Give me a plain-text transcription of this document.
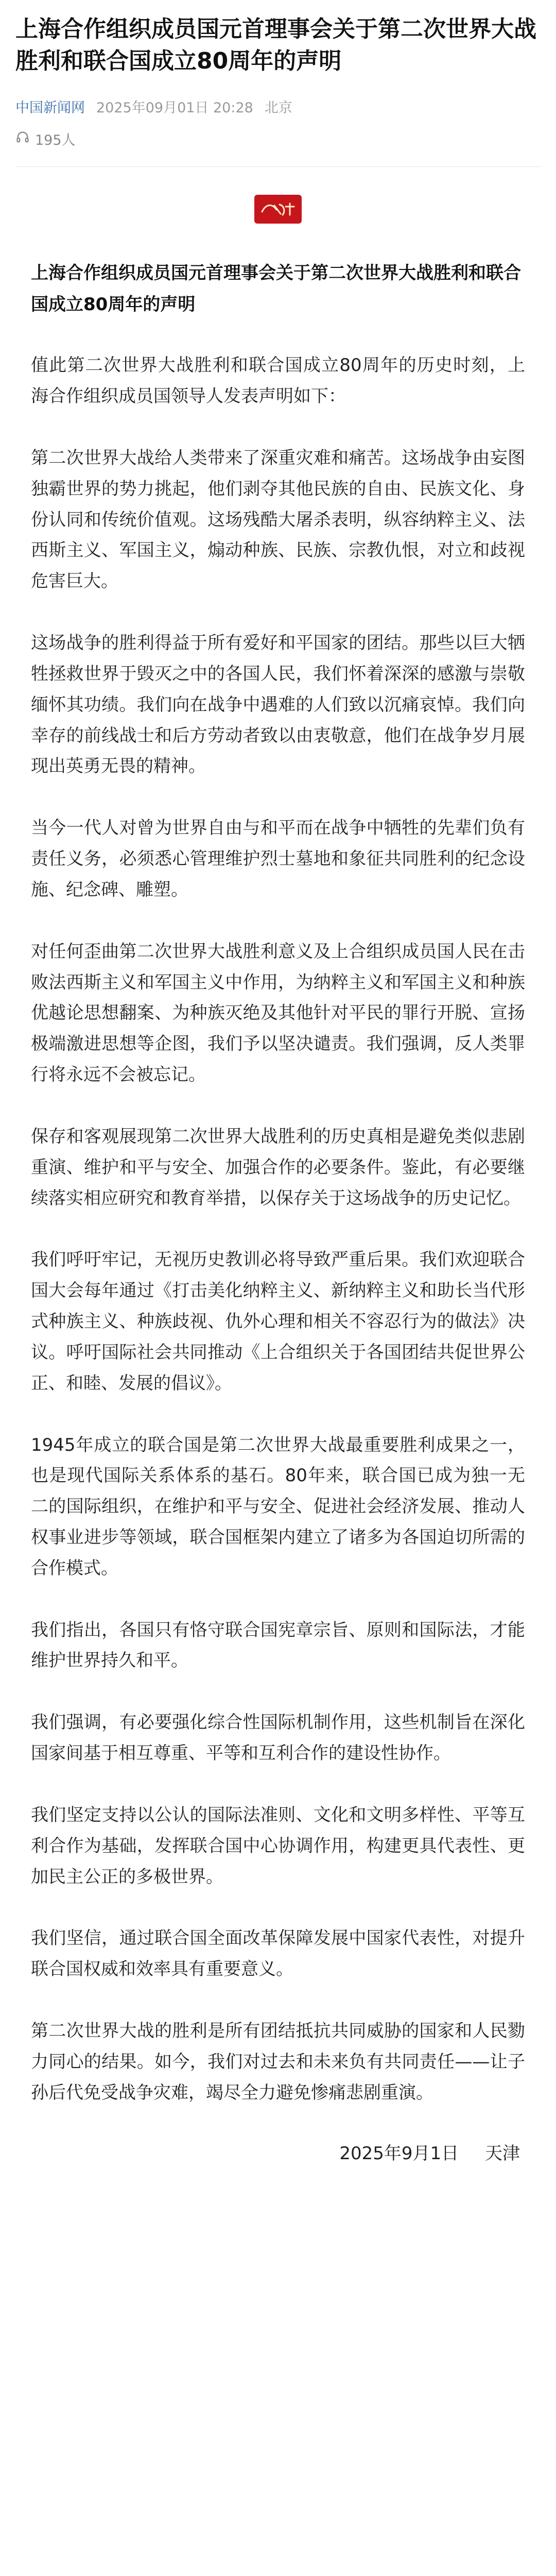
上海合作组织成员国元首理事会关于第二次世界大战胜利和联合国成立80周年的声明
中国新闻网 2025年09月01日 20:28 北京
195人
上海合作组织成员国元首理事会关于第二次世界大战胜利和联合国成立80周年的声明

值此第二次世界大战胜利和联合国成立80周年的历史时刻，上海合作组织成员国领导人发表声明如下：

第二次世界大战给人类带来了深重灾难和痛苦。这场战争由妄图独霸世界的势力挑起，他们剥夺其他民族的自由、民族文化、身份认同和传统价值观。这场残酷大屠杀表明，纵容纳粹主义、法西斯主义、军国主义，煽动种族、民族、宗教仇恨，对立和歧视危害巨大。

这场战争的胜利得益于所有爱好和平国家的团结。那些以巨大牺牲拯救世界于毁灭之中的各国人民，我们怀着深深的感激与崇敬缅怀其功绩。我们向在战争中遇难的人们致以沉痛哀悼。我们向幸存的前线战士和后方劳动者致以由衷敬意，他们在战争岁月展现出英勇无畏的精神。

当今一代人对曾为世界自由与和平而在战争中牺牲的先辈们负有责任义务，必须悉心管理维护烈士墓地和象征共同胜利的纪念设施、纪念碑、雕塑。

对任何歪曲第二次世界大战胜利意义及上合组织成员国人民在击败法西斯主义和军国主义中作用，为纳粹主义和军国主义和种族优越论思想翻案、为种族灭绝及其他针对平民的罪行开脱、宣扬极端激进思想等企图，我们予以坚决谴责。我们强调，反人类罪行将永远不会被忘记。

保存和客观展现第二次世界大战胜利的历史真相是避免类似悲剧重演、维护和平与安全、加强合作的必要条件。鉴此，有必要继续落实相应研究和教育举措，以保存关于这场战争的历史记忆。

我们呼吁牢记，无视历史教训必将导致严重后果。我们欢迎联合国大会每年通过《打击美化纳粹主义、新纳粹主义和助长当代形式种族主义、种族歧视、仇外心理和相关不容忍行为的做法》决议。呼吁国际社会共同推动《上合组织关于各国团结共促世界公正、和睦、发展的倡议》。

1945年成立的联合国是第二次世界大战最重要胜利成果之一，也是现代国际关系体系的基石。80年来，联合国已成为独一无二的国际组织，在维护和平与安全、促进社会经济发展、推动人权事业进步等领域，联合国框架内建立了诸多为各国迫切所需的合作模式。

我们指出，各国只有恪守联合国宪章宗旨、原则和国际法，才能维护世界持久和平。

我们强调，有必要强化综合性国际机制作用，这些机制旨在深化国家间基于相互尊重、平等和互利合作的建设性协作。

我们坚定支持以公认的国际法准则、文化和文明多样性、平等互利合作为基础，发挥联合国中心协调作用，构建更具代表性、更加民主公正的多极世界。

我们坚信，通过联合国全面改革保障发展中国家代表性，对提升联合国权威和效率具有重要意义。

第二次世界大战的胜利是所有团结抵抗共同威胁的国家和人民勠力同心的结果。如今，我们对过去和未来负有共同责任——让子孙后代免受战争灾难，竭尽全力避免惨痛悲剧重演。

2025年9月1日 天津
